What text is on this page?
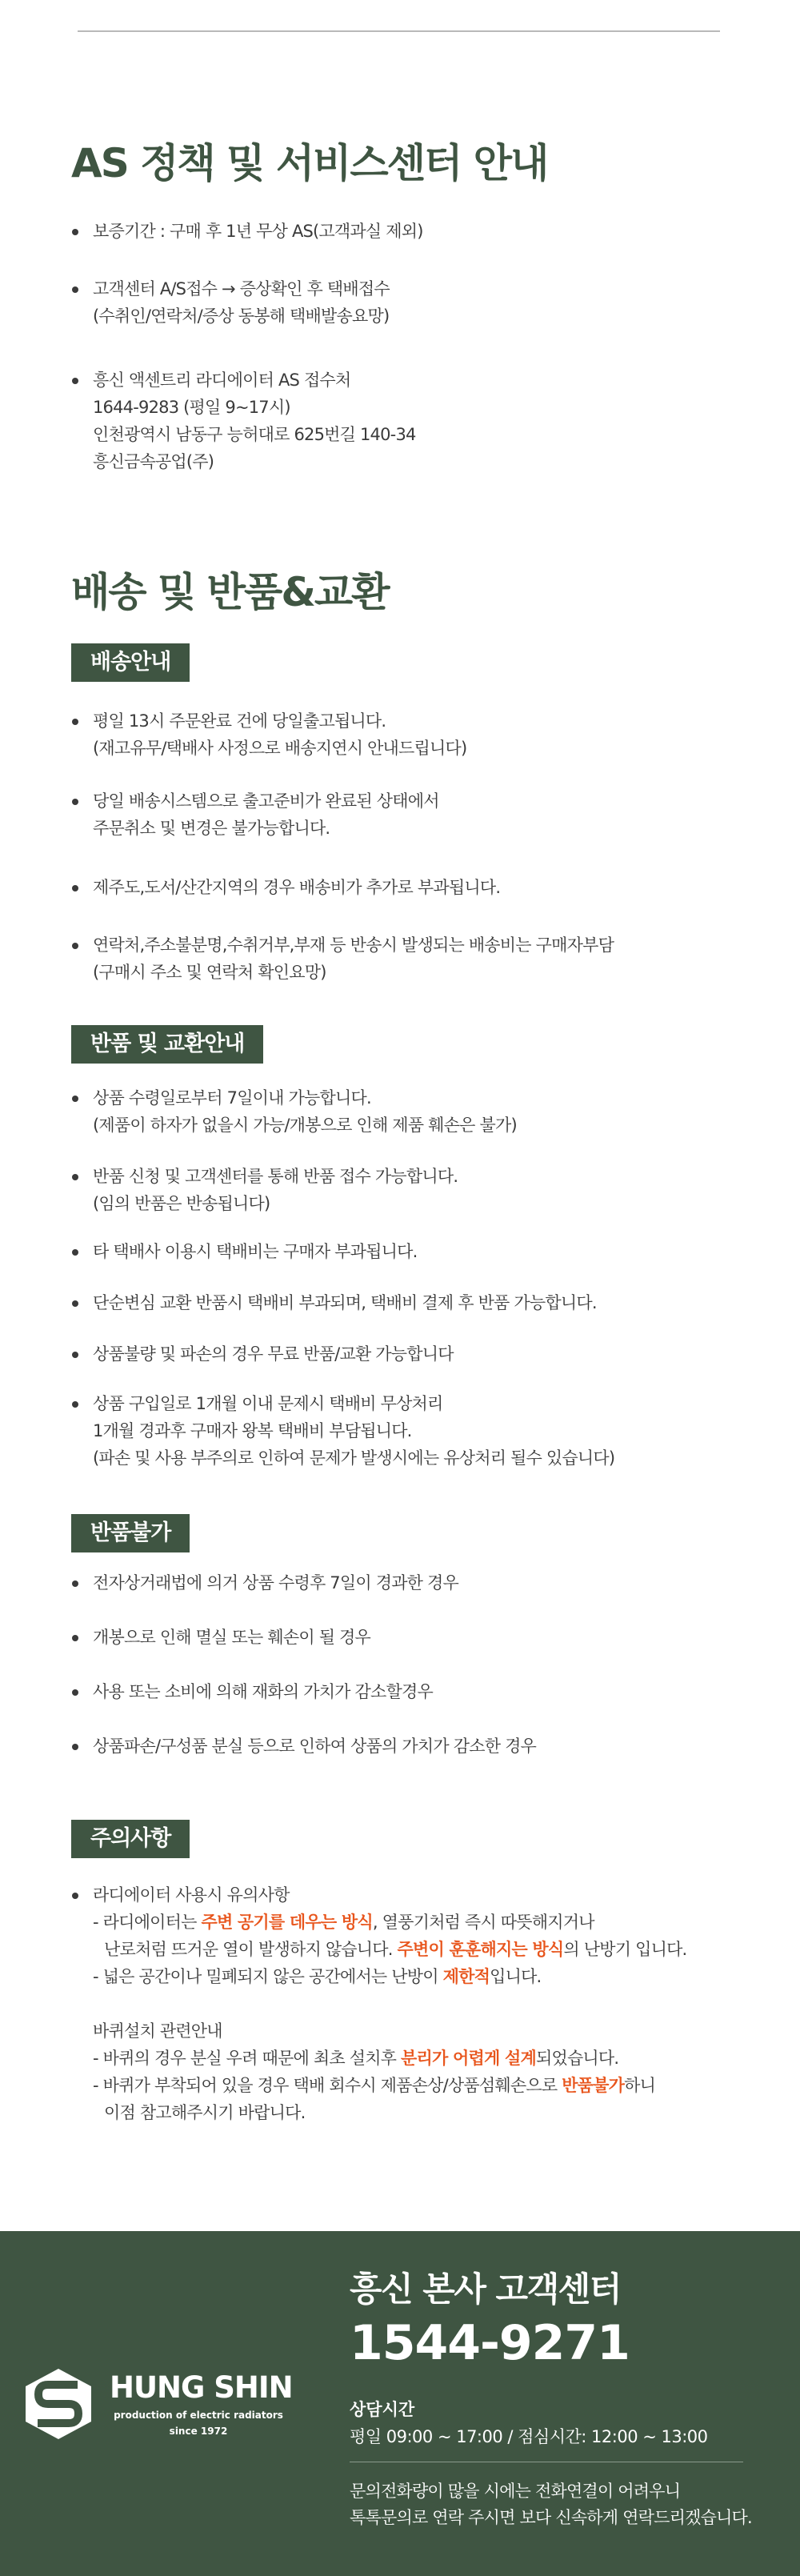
AS 정책 및 서비스센터 안내
보증기간 : 구매 후 1년 무상 AS(고객과실 제외)
고객센터 A/S접수 → 증상확인 후 택배접수
(수취인/연락처/증상 동봉해 택배발송요망)
흥신 액센트리 라디에이터 AS 접수처
1644-9283 (평일 9~17시)
인천광역시 남동구 능허대로 625번길 140-34
흥신금속공업(주)
배송 및 반품&교환
배송안내
평일 13시 주문완료 건에 당일출고됩니다.
(재고유무/택배사 사정으로 배송지연시 안내드립니다)
당일 배송시스템으로 출고준비가 완료된 상태에서
주문취소 및 변경은 불가능합니다.
제주도,도서/산간지역의 경우 배송비가 추가로 부과됩니다.
연락처,주소불분명,수취거부,부재 등 반송시 발생되는 배송비는 구매자부담
(구매시 주소 및 연락처 확인요망)
반품 및 교환안내
상품 수령일로부터 7일이내 가능합니다.
(제품이 하자가 없을시 가능/개봉으로 인해 제품 훼손은 불가)
반품 신청 및 고객센터를 통해 반품 접수 가능합니다.
(임의 반품은 반송됩니다)
타 택배사 이용시 택배비는 구매자 부과됩니다.
단순변심 교환 반품시 택배비 부과되며, 택배비 결제 후 반품 가능합니다.
상품불량 및 파손의 경우 무료 반품/교환 가능합니다
상품 구입일로 1개월 이내 문제시 택배비 무상처리
1개월 경과후 구매자 왕복 택배비 부담됩니다.
(파손 및 사용 부주의로 인하여 문제가 발생시에는 유상처리 될수 있습니다)
반품불가
전자상거래법에 의거 상품 수령후 7일이 경과한 경우
개봉으로 인해 멸실 또는 훼손이 될 경우
사용 또는 소비에 의해 재화의 가치가 감소할경우
상품파손/구성품 분실 등으로 인하여 상품의 가치가 감소한 경우
주의사항
라디에이터 사용시 유의사항
- 라디에이터는 주변 공기를 데우는 방식, 열풍기처럼 즉시 따뜻해지거나
난로처럼 뜨거운 열이 발생하지 않습니다. 주변이 훈훈해지는 방식의 난방기 입니다.
- 넓은 공간이나 밀폐되지 않은 공간에서는 난방이 제한적입니다.
바퀴설치 관련안내
- 바퀴의 경우 분실 우려 때문에 최초 설치후 분리가 어렵게 설계되었습니다.
- 바퀴가 부착되어 있을 경우 택배 회수시 제품손상/상품섬훼손으로 반품불가하니
이점 참고해주시기 바랍니다.
HUNG SHIN
production of electric radiators
since 1972
흥신 본사 고객센터
1544-9271
상담시간
평일 09:00 ~ 17:00 / 점심시간: 12:00 ~ 13:00
문의전화량이 많을 시에는 전화연결이 어려우니
톡톡문의로 연락 주시면 보다 신속하게 연락드리겠습니다.
